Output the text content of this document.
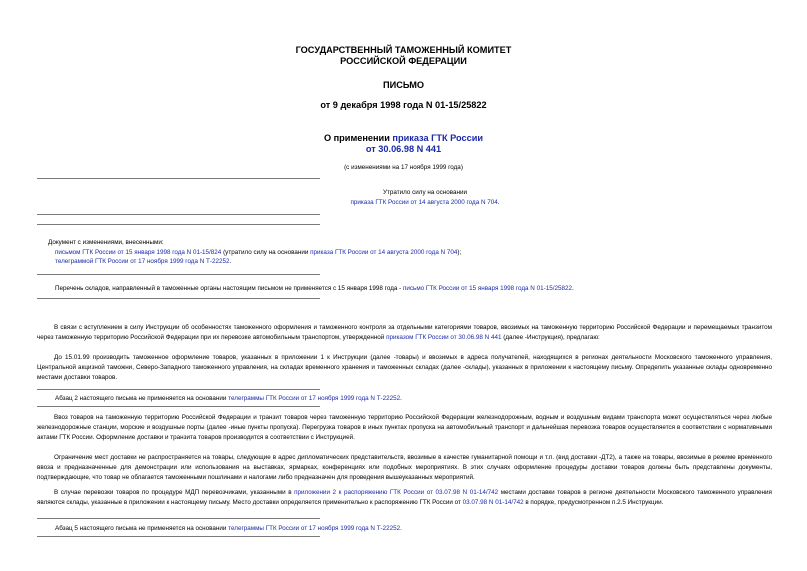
ГОСУДАРСТВЕННЫЙ ТАМОЖЕННЫЙ КОМИТЕТ
РОССИЙСКОЙ ФЕДЕРАЦИИ
ПИСЬМО
от 9 декабря 1998 года N 01-15/25822
О применении приказа ГТК России
от 30.06.98 N 441
(с изменениями на 17 ноября 1999 года)
Утратило силу на основании
приказа ГТК России от 14 августа 2000 года N 704.
Документ с изменениями, внесенными:
письмом ГТК России от 15 января 1998 года N 01-15/824 (утратило силу на основании приказа ГТК России от 14 августа 2000 года N 704);
телеграммой ГТК России от 17 ноября 1999 года N Т-22252.
Перечень складов, направленный в таможенные органы настоящим письмом не применяется с 15 января 1998 года - письмо ГТК России от 15 января 1998 года N 01-15/25822.
В связи с вступлением в силу Инструкции об особенностях таможенного оформления и таможенного контроля за отдельными категориями товаров, ввозимых на таможенную территорию Российской Федерации и перемещаемых транзитом через таможенную территорию Российской Федерации при их перевозке автомобильным транспортом, утвержденной приказом ГТК России от 30.06.98 N 441 (далее -Инструкция), предлагаю:
До 15.01.99 производить таможенное оформление товаров, указанных в приложении 1 к Инструкции (далее -товары) и ввозимых в адреса получателей, находящихся в регионах деятельности Московского таможенного управления, Центральной акцизной таможни, Северо-Западного таможенного управления, на складах временного хранения и таможенных складах (далее -склады), указанных в приложении к настоящему письму. Определить указанные склады одновременно местами доставки товаров.
Абзац 2 настоящего письма не применяется на основании телеграммы ГТК России от 17 ноября 1999 года N Т-22252.
Ввоз товаров на таможенную территорию Российской Федерации и транзит товаров через таможенную территорию Российской Федерации железнодорожным, водным и воздушным видами транспорта может осуществляться через любые железнодорожные станции, морские и воздушные порты (далее -иные пункты пропуска). Перегрузка товаров в иных пунктах пропуска на автомобильный транспорт и дальнейшая перевозка товаров осуществляется в соответствии с нормативными актами ГТК России. Оформление доставки и транзита товаров производится в соответствии с Инструкцией.
Ограничение мест доставки не распространяется на товары, следующие в адрес дипломатических представительств, ввозимые в качестве гуманитарной помощи и т.п. (вид доставки -ДТ2), а также на товары, ввозимые в режиме временного ввоза и предназначенные для демонстрации или использования на выставках, ярмарках, конференциях или подобных мероприятиях. В этих случаях оформление процедуры доставки товаров должны быть представлены документы, подтверждающие, что товар не облагается таможенными пошлинами и налогами либо предназначен для проведения вышеуказанных мероприятий.
В случае перевозки товаров по процедуре МДП перевозчиками, указанными в приложении 2 к распоряжению ГТК России от 03.07.98 N 01-14/742 местами доставки товаров в регионе деятельности Московского таможенного управления являются склады, указанные в приложении к настоящему письму. Место доставки определяется применительно к распоряжению ГТК России от 03.07.98 N 01-14/742 в порядке, предусмотренном п.2.5 Инструкции.
Абзац 5 настоящего письма не применяется на основании телеграммы ГТК России от 17 ноября 1999 года N Т-22252.
